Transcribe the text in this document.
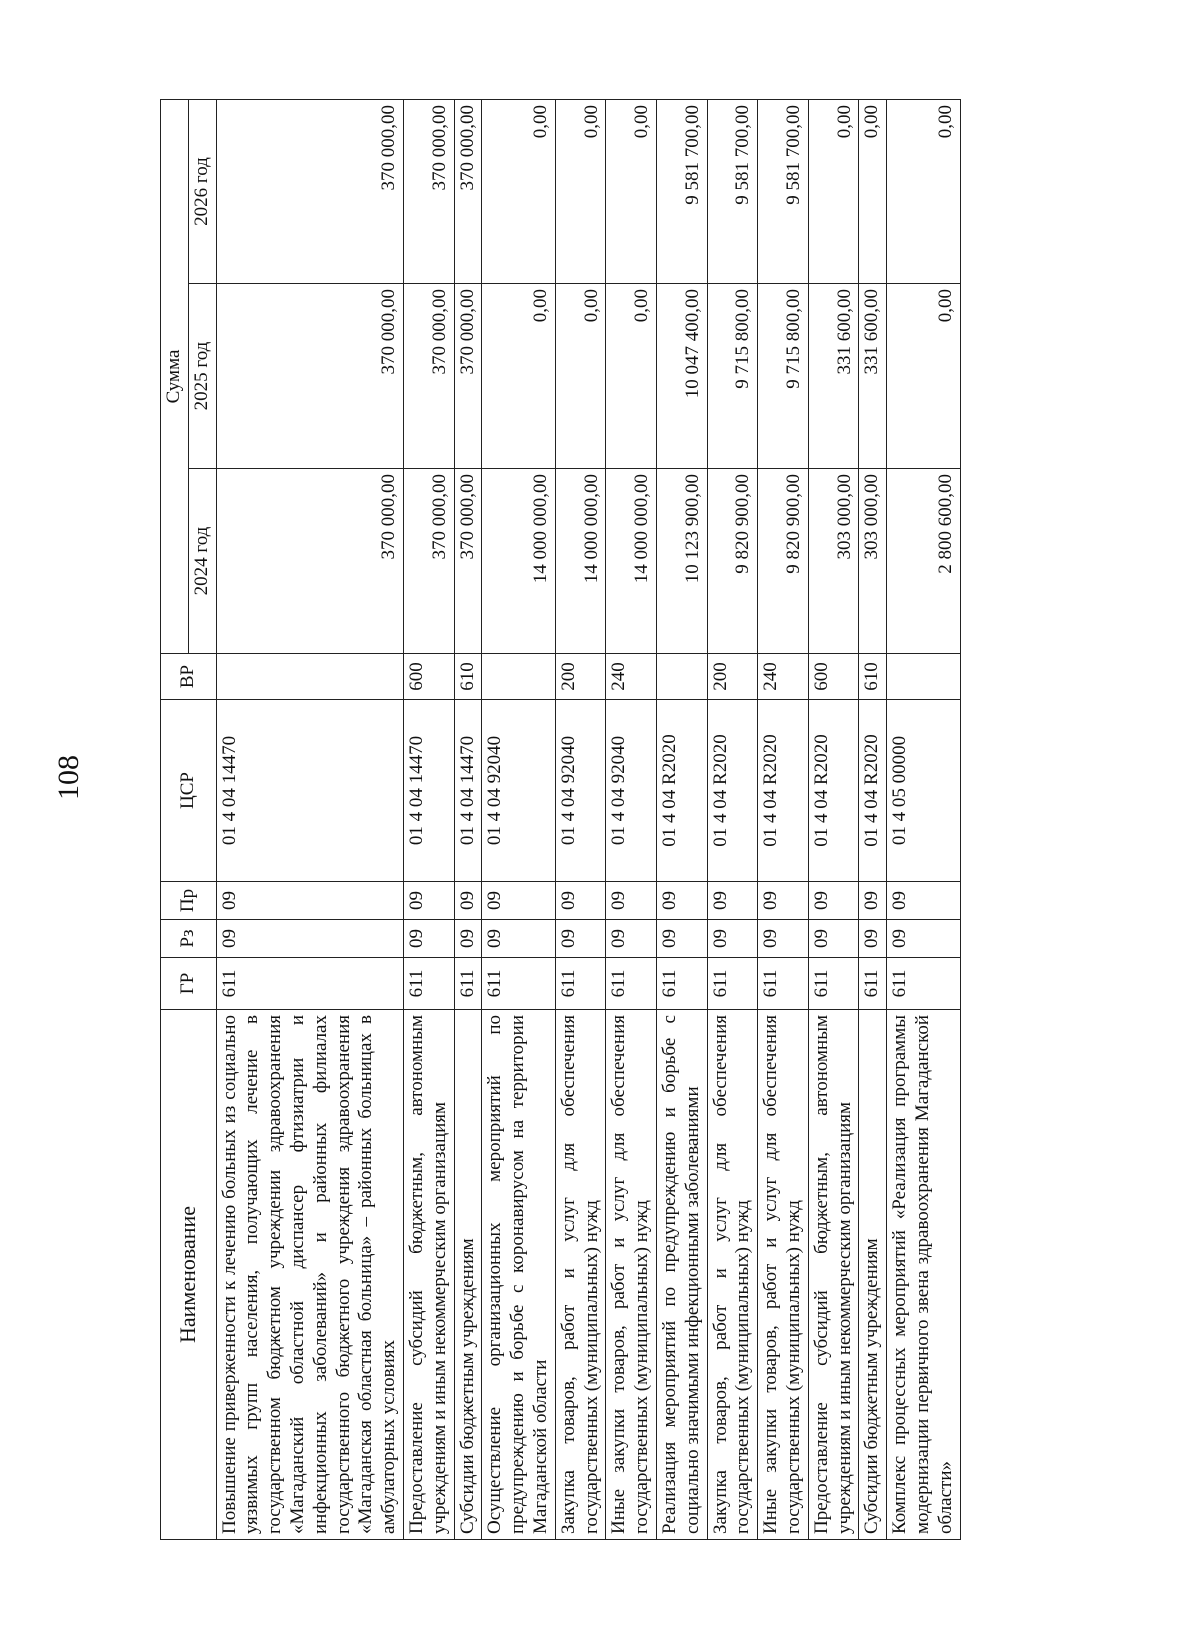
108
Наименование	ГР	Рз	Пр	ЦСР	ВР	Сумма		
						2024 год	2025 год	2026 год
Повышение приверженности к лечению больных из социально уязвимых групп населения, получающих лечение в государственном бюджетном учреждении здравоохранения «Магаданский областной диспансер фтизиатрии и инфекционных заболеваний» и районных филиалах государственного бюджетного учреждения здравоохранения «Магаданская областная больница» – районных больницах в амбулаторных условиях	611	09	09	01 4 04 14470		370 000,00	370 000,00	370 000,00
Предоставление субсидий бюджетным, автономным учреждениям и иным некоммерческим организациям	611	09	09	01 4 04 14470	600	370 000,00	370 000,00	370 000,00
Субсидии бюджетным учреждениям	611	09	09	01 4 04 14470	610	370 000,00	370 000,00	370 000,00
Осуществление организационных мероприятий по предупреждению и борьбе с коронавирусом на территории Магаданской области	611	09	09	01 4 04 92040		14 000 000,00	0,00	0,00
Закупка товаров, работ и услуг для обеспечения государственных (муниципальных) нужд	611	09	09	01 4 04 92040	200	14 000 000,00	0,00	0,00
Иные закупки товаров, работ и услуг для обеспечения государственных (муниципальных) нужд	611	09	09	01 4 04 92040	240	14 000 000,00	0,00	0,00
Реализация мероприятий по предупреждению и борьбе с социально значимыми инфекционными заболеваниями	611	09	09	01 4 04 R2020		10 123 900,00	10 047 400,00	9 581 700,00
Закупка товаров, работ и услуг для обеспечения государственных (муниципальных) нужд	611	09	09	01 4 04 R2020	200	9 820 900,00	9 715 800,00	9 581 700,00
Иные закупки товаров, работ и услуг для обеспечения государственных (муниципальных) нужд	611	09	09	01 4 04 R2020	240	9 820 900,00	9 715 800,00	9 581 700,00
Предоставление субсидий бюджетным, автономным учреждениям и иным некоммерческим организациям	611	09	09	01 4 04 R2020	600	303 000,00	331 600,00	0,00
Субсидии бюджетным учреждениям	611	09	09	01 4 04 R2020	610	303 000,00	331 600,00	0,00
Комплекс процессных мероприятий «Реализация программы модернизации первичного звена здравоохранения Магаданской области»	611	09	09	01 4 05 00000		2 800 600,00	0,00	0,00
